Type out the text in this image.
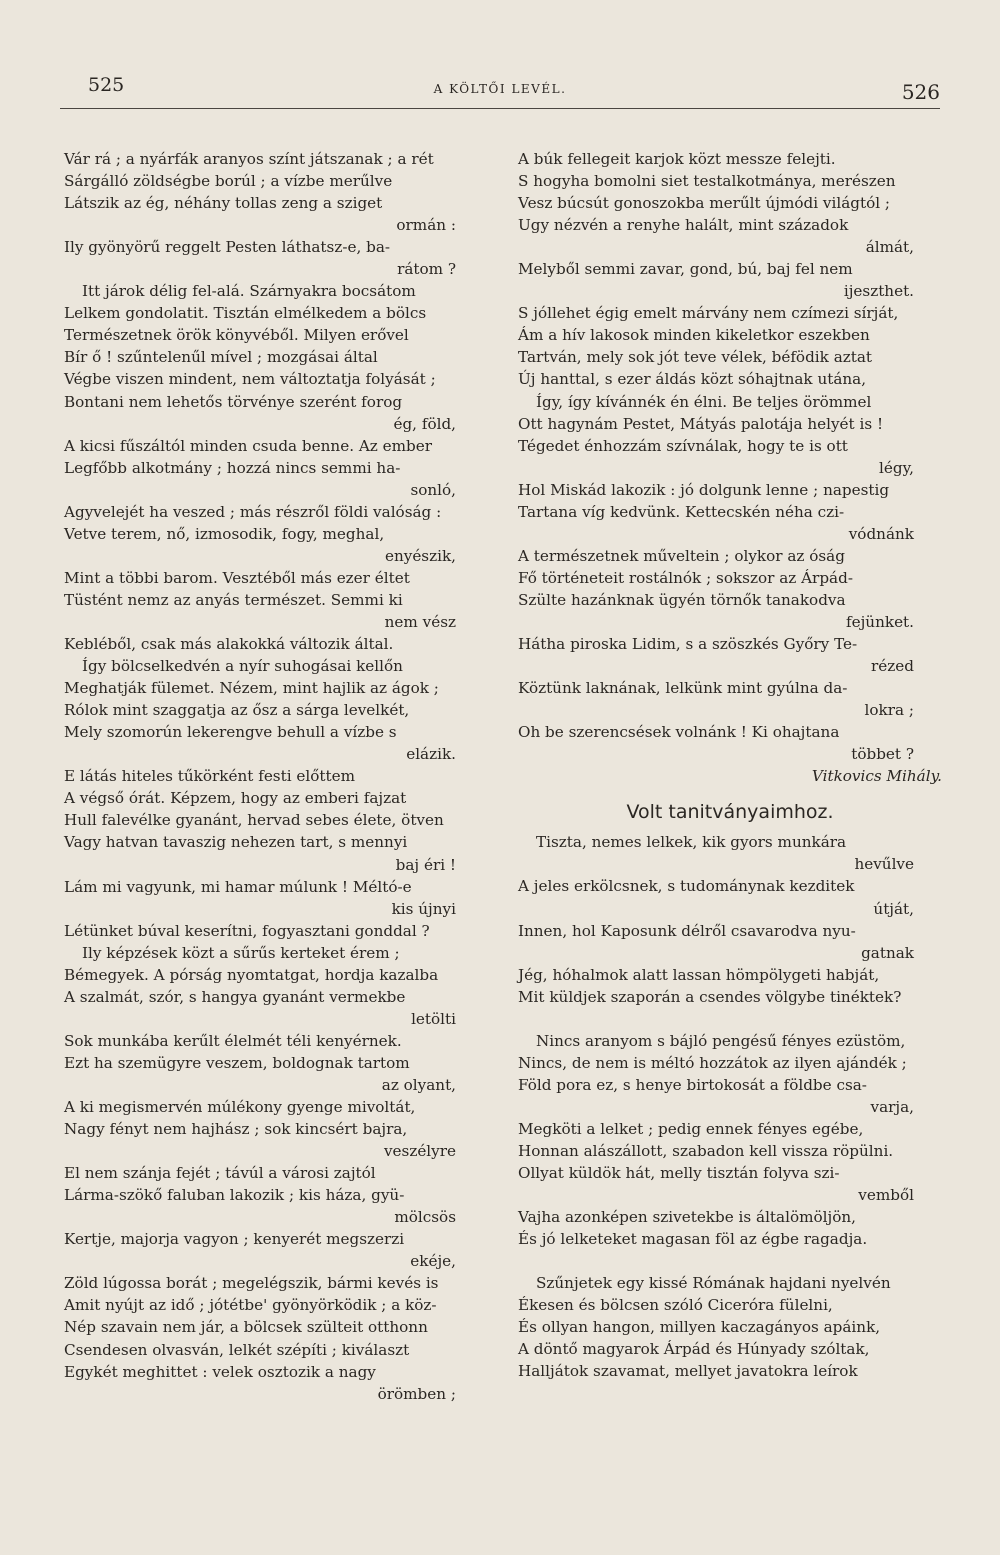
525	A KÖLTŐI LEVÉL.	526
Vár rá ; a nyárfák aranyos színt játszanak ; a rét
Sárgálló zöldségbe borúl ; a vízbe merűlve
Látszik az ég, néhány tollas zeng a sziget
ormán :
Ily gyönyörű reggelt Pesten láthatsz-e, ba-
rátom ?
Itt járok délig fel-alá. Szárnyakra bocsátom
Lelkem gondolatit. Tisztán elmélkedem a bölcs
Természetnek örök könyvéből. Milyen erővel
Bír ő ! szűntelenűl mível ; mozgásai által
Végbe viszen mindent, nem változtatja folyását ;
Bontani nem lehetős törvénye szerént forog
ég, föld,
A kicsi fűszáltól minden csuda benne. Az ember
Legfőbb alkotmány ; hozzá nincs semmi ha-
sonló,
Agyvelejét ha veszed ; más részről földi valóság :
Vetve terem, nő, izmosodik, fogy, meghal,
enyészik,
Mint a többi barom. Vesztéből más ezer éltet
Tüstént nemz az anyás természet. Semmi ki
nem vész
Kebléből, csak más alakokká változik által.
Így bölcselkedvén a nyír suhogásai kellőn
Meghatják fülemet. Nézem, mint hajlik az ágok ;
Rólok mint szaggatja az ősz a sárga levelkét,
Mely szomorún lekerengve behull a vízbe s
elázik.
E látás hiteles tűkörként festi előttem
A végső órát. Képzem, hogy az emberi fajzat
Hull falevélke gyanánt, hervad sebes élete, ötven
Vagy hatvan tavaszig nehezen tart, s mennyi
baj éri !
Lám mi vagyunk, mi hamar múlunk ! Méltó-e
kis újnyi
Létünket búval keserítni, fogyasztani gonddal ?
Ily képzések közt a sűrűs kerteket érem ;
Bémegyek. A pórság nyomtatgat, hordja kazalba
A szalmát, szór, s hangya gyanánt vermekbe
letölti
Sok munkába kerűlt élelmét téli kenyérnek.
Ezt ha szemügyre veszem, boldognak tartom
az olyant,
A ki megismervén múlékony gyenge mivoltát,
Nagy fényt nem hajhász ; sok kincsért bajra,
veszélyre
El nem szánja fejét ; távúl a városi zajtól
Lárma-szökő faluban lakozik ; kis háza, gyü-
mölcsös
Kertje, majorja vagyon ; kenyerét megszerzi
ekéje,
Zöld lúgossa borát ; megelégszik, bármi kevés is
Amit nyújt az idő ; jótétbe' gyönyörködik ; a köz-
Nép szavain nem jár, a bölcsek szülteit otthonn
Csendesen olvasván, lelkét szépíti ; kiválaszt
Egykét meghittet : velek osztozik a nagy
örömben ;
A búk fellegeit karjok közt messze felejti.
S hogyha bomolni siet testalkotmánya, merészen
Vesz búcsút gonoszokba merűlt újmódi világtól ;
Ugy nézvén a renyhe halált, mint századok
álmát,
Melyből semmi zavar, gond, bú, baj fel nem
ijeszthet.
S jóllehet égig emelt márvány nem czímezi sírját,
Ám a hív lakosok minden kikeletkor eszekben
Tartván, mely sok jót teve vélek, béfödik aztat
Új hanttal, s ezer áldás közt sóhajtnak utána,
Így, így kívánnék én élni. Be teljes örömmel
Ott hagynám Pestet, Mátyás palotája helyét is !
Tégedet énhozzám szívnálak, hogy te is ott
légy,
Hol Miskád lakozik : jó dolgunk lenne ; napestig
Tartana víg kedvünk. Kettecskén néha czi-
vódnánk
A természetnek műveltein ; olykor az óság
Fő történeteit rostálnók ; sokszor az Árpád-
Szülte hazánknak ügyén törnők tanakodva
fejünket.
Hátha piroska Lidim, s a szöszkés Győry Te-
rézed
Köztünk laknának, lelkünk mint gyúlna da-
lokra ;
Oh be szerencsések volnánk ! Ki ohajtana
többet ?
Vitkovics Mihály.
Volt tanitványaimhoz.
Tiszta, nemes lelkek, kik gyors munkára
hevűlve
A jeles erkölcsnek, s tudománynak kezditek
útját,
Innen, hol Kaposunk délről csavarodva nyu-
gatnak
Jég, hóhalmok alatt lassan hömpölygeti habját,
Mit küldjek szaporán a csendes völgybe tinéktek?
Nincs aranyom s bájló pengésű fényes ezüstöm,
Nincs, de nem is méltó hozzátok az ilyen ajándék ;
Föld pora ez, s henye birtokosát a földbe csa-
varja,
Megköti a lelket ; pedig ennek fényes egébe,
Honnan alászállott, szabadon kell vissza röpülni.
Ollyat küldök hát, melly tisztán folyva szi-
vemből
Vajha azonképen szivetekbe is általömöljön,
És jó lelketeket magasan föl az égbe ragadja.
Szűnjetek egy kissé Rómának hajdani nyelvén
Ékesen és bölcsen szóló Ciceróra fülelni,
És ollyan hangon, millyen kaczagányos apáink,
A döntő magyarok Árpád és Húnyady szóltak,
Halljátok szavamat, mellyet javatokra leírok
